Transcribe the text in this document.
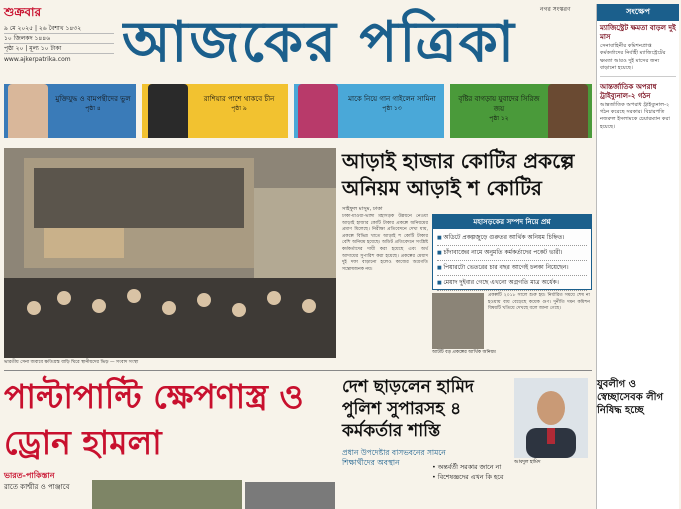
শুক্রবার
৯ মে ২০২৫ | ২৬ বৈশাখ ১৪৩২
১০ জিলকদ ১৪৪৬
পৃষ্ঠা ২০ | মূল্য ১০ টাকা
www.ajkerpatrika.com আজকের পত্রিকা	নগর সংস্করণ
মুক্তিযুদ্ধ ও বামপন্থীদের ভুল
পৃষ্ঠা ৪
রাশিয়ার পাশে থাকবে চীন
পৃষ্ঠা ৯
মাকে নিয়ে গান গাইলেন সামিনা
পৃষ্ঠা ১৩
বৃষ্টির বাগড়ায় যুবাদের সিরিজ জয়
পৃষ্ঠা ১২
ভারতীয় সেনা জবাবে ক্ষতিগ্রস্ত বাড়ি ঘিরে স্থানীয়দের ভিড় — সংবাদ সংস্থা
আড়াই হাজার কোটির প্রকল্পে অনিয়ম আড়াই শ কোটির
সাইফুল মাসুম, ঢাকা
ঢাকা-মাওয়া-ভাঙ্গা মহাসড়ক উন্নয়নে নেওয়া আড়াই হাজার কোটি টাকার প্রকল্পে অনিয়মের প্রমাণ মিলেছে। নিরীক্ষা প্রতিবেদনে দেখা যায়, প্রকল্পে বিভিন্ন খাতে আড়াই শ কোটি টাকার বেশি অনিয়ম হয়েছে। অডিট প্রতিবেদনে সংশ্লিষ্ট কর্মকর্তাদের দায়ী করা হয়েছে এবং অর্থ আদায়ের সুপারিশ করা হয়েছে। প্রকল্পের মেয়াদ দুই দফা বাড়ানো হলেও কাজের অগ্রগতি সন্তোষজনক নয়।
মহাসড়কের সম্পদ নিয়ে প্রশ্ন
■ অডিটে প্রকল্পজুড়ে গুরুতর আর্থিক অনিয়ম চিহ্নিত।
■ চাঁদাবাজের নামে অনুমতি কর্মকর্তাদের পকেট ভারী।
■ পিয়ারটো ভেতরের চার বছর আগেই চলকা নিয়েছেন।
■ মেয়াদ দুইবার গেছে এখনো অগ্রগতি মাত্র অর্ধেক।
প্রকল্পটি ২০১৮ সালে শুরু হয়। নির্ধারিত সময়ে শেষ না হওয়ায় ব্যয় বেড়েছে কয়েক গুণ। দুর্নীতি দমন কমিশন বিষয়টি খতিয়ে দেখছে বলে জানা গেছে।
আটটি বড় প্রকল্পের আর্থিক অনিয়ম
পাল্টাপাল্টি ক্ষেপণাস্ত্র ও ড্রোন হামলা
দেশ ছাড়লেন হামিদ পুলিশ সুপারসহ ৪ কর্মকর্তার শাস্তি
প্রধান উপদেষ্টার বাসভবনের সামনে শিক্ষার্থীদের অবস্থান	আবদুল হামিদ
• অন্তর্বর্তী সরকার জানে না
• বিশেষজ্ঞদের এখন কি হবে
ভারত-পাকিস্তান
রাতে কাশ্মীর ও পাঞ্জাবে
সংক্ষেপ
ম্যাজিস্ট্রেট ক্ষমতা বাড়ল দুই মাস
সেনাবাহিনীর কমিশনপ্রাপ্ত কর্মকর্তাদের নির্বাহী ম্যাজিস্ট্রেটের ক্ষমতা আরও দুই মাসের জন্য বাড়ানো হয়েছে।
আন্তর্জাতিক অপরাধ ট্রাইব্যুনাল-২ গঠন
আন্তর্জাতিক অপরাধ ট্রাইব্যুনাল-২ গঠন করেছে সরকার। বিচারপতি নজরুল ইসলামকে চেয়ারম্যান করা হয়েছে।
যুবলীগ ও স্বেচ্ছাসেবক লীগ নিষিদ্ধ হচ্ছে
